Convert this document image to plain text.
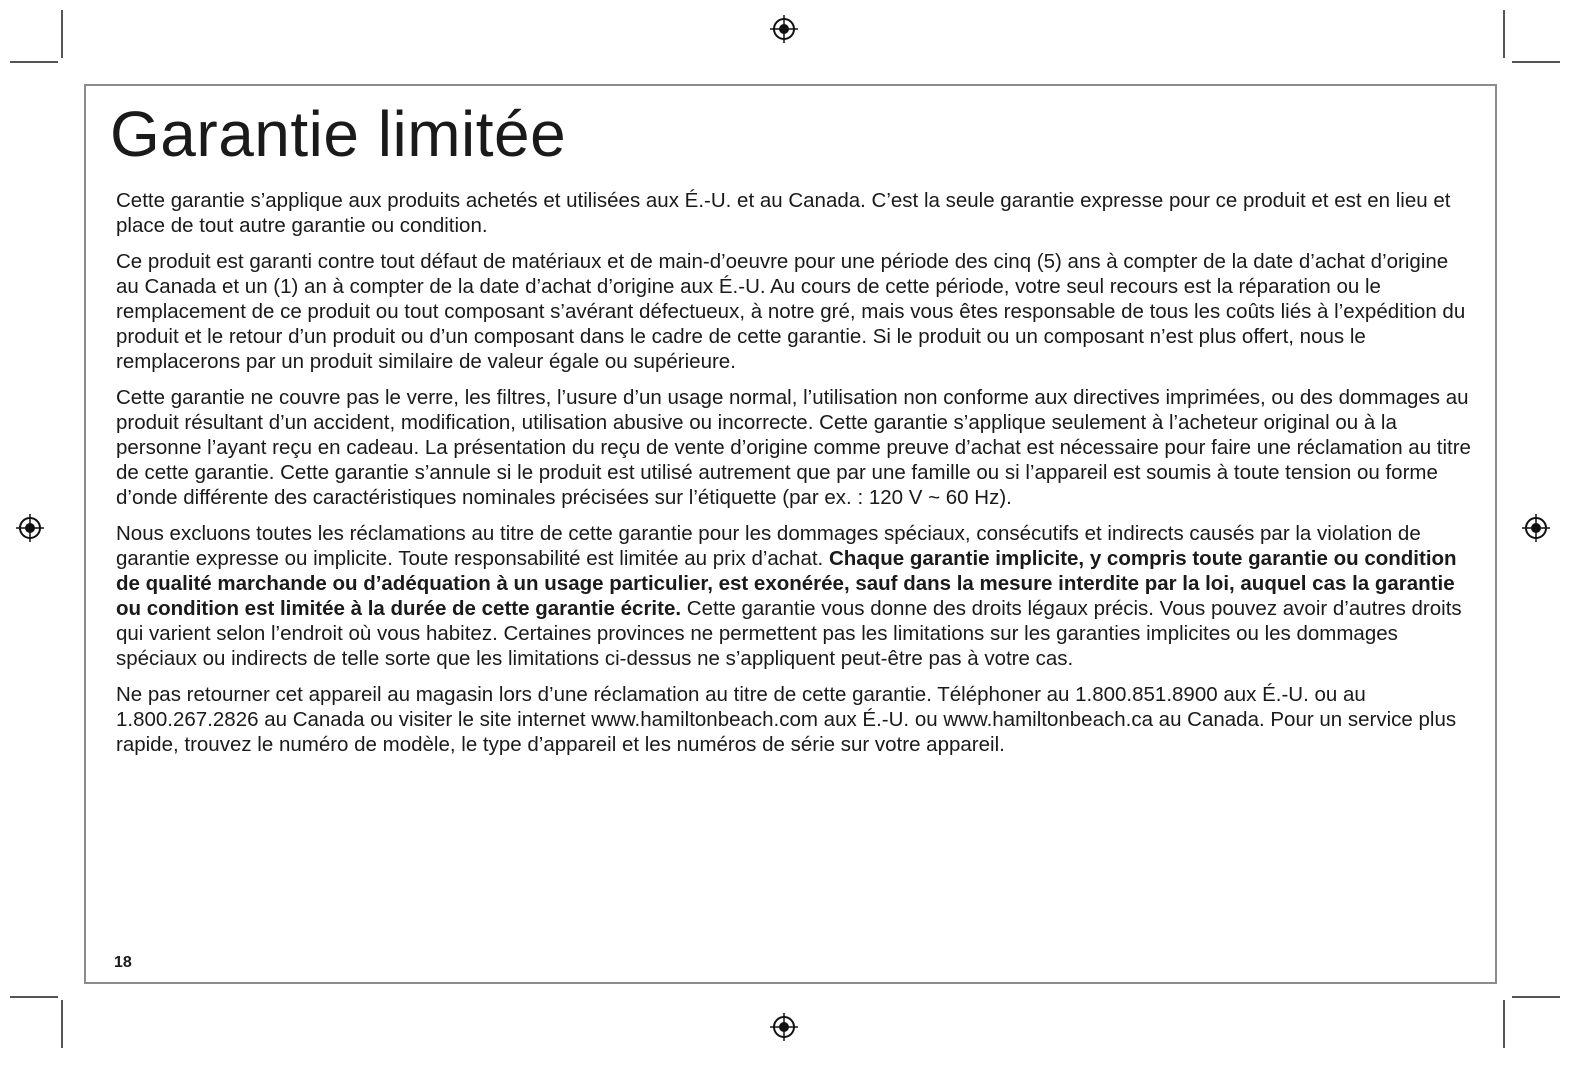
Garantie limitée

Cette garantie s’applique aux produits achetés et utilisées aux É.-U. et au Canada. C’est la seule garantie expresse pour ce produit et est en lieu et place de tout autre garantie ou condition.

Ce produit est garanti contre tout défaut de matériaux et de main-d’oeuvre pour une période des cinq (5) ans à compter de la date d’achat d’origine au Canada et un (1) an à compter de la date d’achat d’origine aux É.-U. Au cours de cette période, votre seul recours est la réparation ou le remplacement de ce produit ou tout composant s’avérant défectueux, à notre gré, mais vous êtes responsable de tous les coûts liés à l’expédition du produit et le retour d’un produit ou d’un composant dans le cadre de cette garantie. Si le produit ou un composant n’est plus offert, nous le remplacerons par un produit similaire de valeur égale ou supérieure.

Cette garantie ne couvre pas le verre, les filtres, l’usure d’un usage normal, l’utilisation non conforme aux directives imprimées, ou des dommages au produit résultant d’un accident, modification, utilisation abusive ou incorrecte. Cette garantie s’applique seulement à l’acheteur original ou à la personne l’ayant reçu en cadeau. La présentation du reçu de vente d’origine comme preuve d’achat est nécessaire pour faire une réclamation au titre de cette garantie. Cette garantie s’annule si le produit est utilisé autrement que par une famille ou si l’appareil est soumis à toute tension ou forme d’onde différente des caractéristiques nominales précisées sur l’étiquette (par ex. : 120 V ~ 60 Hz).

Nous excluons toutes les réclamations au titre de cette garantie pour les dommages spéciaux, consécutifs et indirects causés par la violation de garantie expresse ou implicite. Toute responsabilité est limitée au prix d’achat. Chaque garantie implicite, y compris toute garantie ou condition de qualité marchande ou d’adéquation à un usage particulier, est exonérée, sauf dans la mesure interdite par la loi, auquel cas la garantie ou condition est limitée à la durée de cette garantie écrite. Cette garantie vous donne des droits légaux précis. Vous pouvez avoir d’autres droits qui varient selon l’endroit où vous habitez. Certaines provinces ne permettent pas les limitations sur les garanties implicites ou les dommages spéciaux ou indirects de telle sorte que les limitations ci-dessus ne s’appliquent peut-être pas à votre cas.

Ne pas retourner cet appareil au magasin lors d’une réclamation au titre de cette garantie. Téléphoner au 1.800.851.8900 aux É.-U. ou au 1.800.267.2826 au Canada ou visiter le site internet www.hamiltonbeach.com aux É.-U. ou www.hamiltonbeach.ca au Canada. Pour un service plus rapide, trouvez le numéro de modèle, le type d’appareil et les numéros de série sur votre appareil.

18
